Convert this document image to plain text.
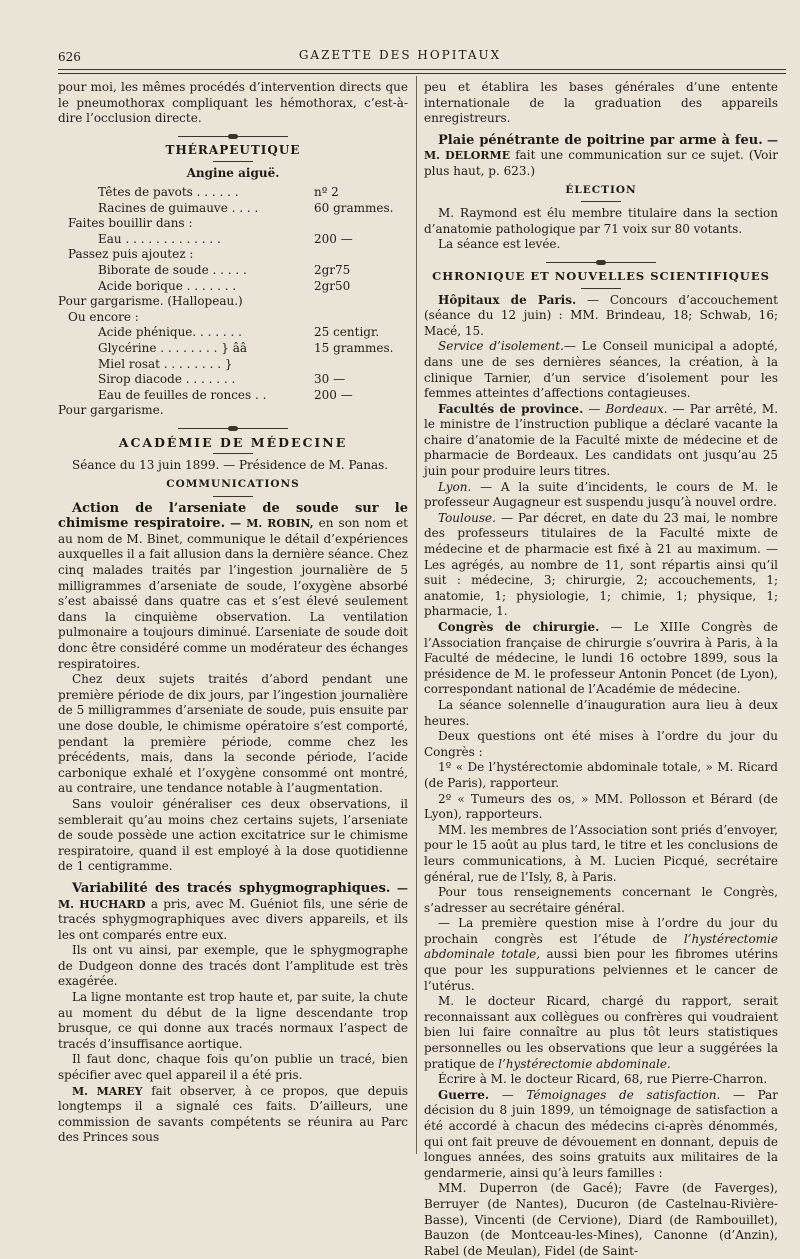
626	GAZETTE DES HOPITAUX

pour moi, les mêmes procédés d’intervention directs que le pneumothorax compliquant les hémothorax, c’est-à-dire l’occlusion directe.

THÉRAPEUTIQUE
Angine aiguë.
Têtes de pavots . . . . . .	nº 2
Racines de guimauve . . . .	60 grammes.
Faites bouillir dans :	
Eau . . . . . . . . . . . . .	200 —
Passez puis ajoutez :	
Biborate de soude . . . . .	2gr75
Acide borique . . . . . . .	2gr50
Pour gargarisme. (Hallopeau.)	
Ou encore :	
Acide phénique. . . . . . .	25 centigr.
Glycérine . . . . . . . . } ââ	15 grammes.
Miel rosat . . . . . . . . }	
Sirop diacode . . . . . . .	30 —
Eau de feuilles de ronces . .	200 —
Pour gargarisme.	
ACADÉMIE DE MÉDECINE

Séance du 13 juin 1899. — Présidence de M. Panas.

COMMUNICATIONS

Action de l’arseniate de soude sur le chimisme respiratoire. — M. ROBIN, en son nom et au nom de M. Binet, communique le détail d’expériences auxquelles il a fait allusion dans la dernière séance. Chez cinq malades traités par l’ingestion journalière de 5 milligrammes d’arseniate de soude, l’oxygène absorbé s’est abaissé dans quatre cas et s’est élevé seulement dans la cinquième observation. La ventilation pulmonaire a toujours diminué. L’arseniate de soude doit donc être considéré comme un modérateur des échanges respiratoires.

Chez deux sujets traités d’abord pendant une première période de dix jours, par l’ingestion journalière de 5 milligrammes d’arseniate de soude, puis ensuite par une dose double, le chimisme opératoire s’est comporté, pendant la première période, comme chez les précédents, mais, dans la seconde période, l’acide carbonique exhalé et l’oxygène consommé ont montré, au contraire, une tendance notable à l’augmentation.

Sans vouloir généraliser ces deux observations, il semblerait qu’au moins chez certains sujets, l’arseniate de soude possède une action excitatrice sur le chimisme respiratoire, quand il est employé à la dose quotidienne de 1 centigramme.

Variabilité des tracés sphygmographiques. — M. HUCHARD a pris, avec M. Guéniot fils, une série de tracés sphygmographiques avec divers appareils, et ils les ont comparés entre eux.

Ils ont vu ainsi, par exemple, que le sphygmographe de Dudgeon donne des tracés dont l’amplitude est très exagérée.

La ligne montante est trop haute et, par suite, la chute au moment du début de la ligne descendante trop brusque, ce qui donne aux tracés normaux l’aspect de tracés d’insuffisance aortique.

Il faut donc, chaque fois qu’on publie un tracé, bien spécifier avec quel appareil il a été pris.

M. MAREY fait observer, à ce propos, que depuis longtemps il a signalé ces faits. D’ailleurs, une commission de savants compétents se réunira au Parc des Princes sous

peu et établira les bases générales d’une entente internationale de la graduation des appareils enregistreurs.

Plaie pénétrante de poitrine par arme à feu. — M. DELORME fait une communication sur ce sujet. (Voir plus haut, p. 623.)

ÉLECTION

M. Raymond est élu membre titulaire dans la section d’anatomie pathologique par 71 voix sur 80 votants.

La séance est levée.

CHRONIQUE ET NOUVELLES SCIENTIFIQUES

Hôpitaux de Paris. — Concours d’accouchement (séance du 12 juin) : MM. Brindeau, 18; Schwab, 16; Macé, 15.

Service d’isolement.— Le Conseil municipal a adopté, dans une de ses dernières séances, la création, à la clinique Tarnier, d’un service d’isolement pour les femmes atteintes d’affections contagieuses.

Facultés de province. — Bordeaux. — Par arrêté, M. le ministre de l’instruction publique a déclaré vacante la chaire d’anatomie de la Faculté mixte de médecine et de pharmacie de Bordeaux. Les candidats ont jusqu’au 25 juin pour produire leurs titres.

Lyon. — A la suite d’incidents, le cours de M. le professeur Augagneur est suspendu jusqu’à nouvel ordre.

Toulouse. — Par décret, en date du 23 mai, le nombre des professeurs titulaires de la Faculté mixte de médecine et de pharmacie est fixé à 21 au maximum. — Les agrégés, au nombre de 11, sont répartis ainsi qu’il suit : médecine, 3; chirurgie, 2; accouchements, 1; anatomie, 1; physiologie, 1; chimie, 1; physique, 1; pharmacie, 1.

Congrès de chirurgie. — Le XIIIe Congrès de l’Association française de chirurgie s’ouvrira à Paris, à la Faculté de médecine, le lundi 16 octobre 1899, sous la présidence de M. le professeur Antonin Poncet (de Lyon), correspondant national de l’Académie de médecine.

La séance solennelle d’inauguration aura lieu à deux heures.

Deux questions ont été mises à l’ordre du jour du Congrès :

1º « De l’hystérectomie abdominale totale, » M. Ricard (de Paris), rapporteur.

2º « Tumeurs des os, » MM. Pollosson et Bérard (de Lyon), rapporteurs.

MM. les membres de l’Association sont priés d’envoyer, pour le 15 août au plus tard, le titre et les conclusions de leurs communications, à M. Lucien Picqué, secrétaire général, rue de l’Isly, 8, à Paris.

Pour tous renseignements concernant le Congrès, s’adresser au secrétaire général.

— La première question mise à l’ordre du jour du prochain congrès est l’étude de l’hystérectomie abdominale totale, aussi bien pour les fibromes utérins que pour les suppurations pelviennes et le cancer de l’utérus.

M. le docteur Ricard, chargé du rapport, serait reconnaissant aux collègues ou confrères qui voudraient bien lui faire connaître au plus tôt leurs statistiques personnelles ou les observations que leur a suggérées la pratique de l’hystérectomie abdominale.

Écrire à M. le docteur Ricard, 68, rue Pierre-Charron.

Guerre. — Témoignages de satisfaction. — Par décision du 8 juin 1899, un témoignage de satisfaction a été accordé à chacun des médecins ci-après dénommés, qui ont fait preuve de dévouement en donnant, depuis de longues années, des soins gratuits aux militaires de la gendarmerie, ainsi qu’à leurs familles :

MM. Duperron (de Gacé); Favre (de Faverges), Berruyer (de Nantes), Ducuron (de Castelnau-Rivière-Basse), Vincenti (de Cervione), Diard (de Rambouillet), Bauzon (de Montceau-les-Mines), Canonne (d’Anzin), Rabel (de Meulan), Fidel (de Saint-
